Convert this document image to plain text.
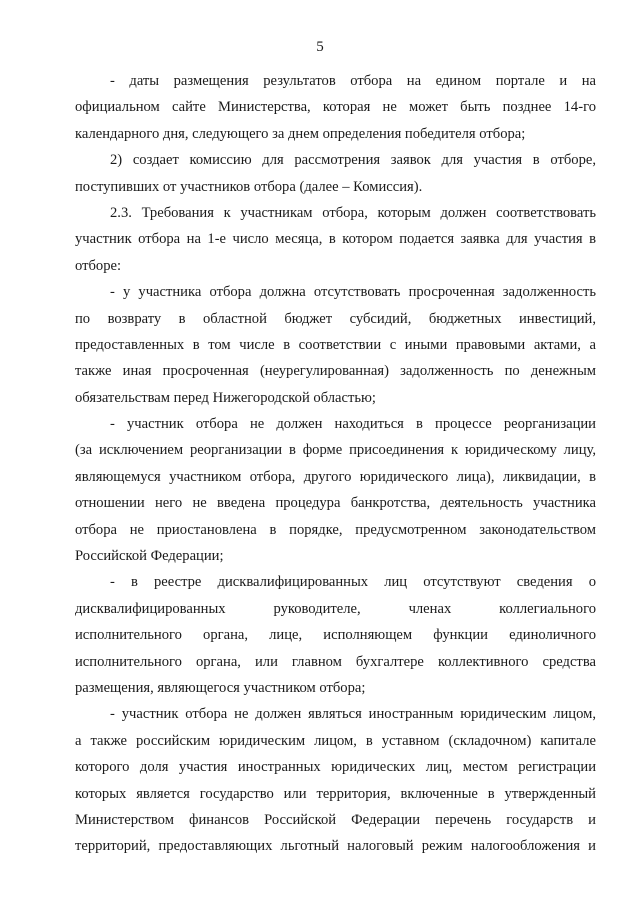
5

- даты размещения результатов отбора на едином портале и на
официальном сайте Министерства, которая не может быть позднее 14-го
календарного дня, следующего за днем определения победителя отбора;

2) создает комиссию для рассмотрения заявок для участия в отборе,
поступивших от участников отбора (далее – Комиссия).

2.3. Требования к участникам отбора, которым должен соответствовать
участник отбора на 1-е число месяца, в котором подается заявка для участия в
отборе:

- у участника отбора должна отсутствовать просроченная задолженность
по возврату в областной бюджет субсидий, бюджетных инвестиций,
предоставленных в том числе в соответствии с иными правовыми актами, а
также иная просроченная (неурегулированная) задолженность по денежным
обязательствам перед Нижегородской областью;

- участник отбора не должен находиться в процессе реорганизации
(за исключением реорганизации в форме присоединения к юридическому лицу,
являющемуся участником отбора, другого юридического лица), ликвидации, в
отношении него не введена процедура банкротства, деятельность участника
отбора не приостановлена в порядке, предусмотренном законодательством
Российской Федерации;

- в реестре дисквалифицированных лиц отсутствуют сведения о
дисквалифицированных руководителе, членах коллегиального
исполнительного органа, лице, исполняющем функции единоличного
исполнительного органа, или главном бухгалтере коллективного средства
размещения, являющегося участником отбора;

- участник отбора не должен являться иностранным юридическим лицом,
а также российским юридическим лицом, в уставном (складочном) капитале
которого доля участия иностранных юридических лиц, местом регистрации
которых является государство или территория, включенные в утвержденный
Министерством финансов Российской Федерации перечень государств и
территорий, предоставляющих льготный налоговый режим налогообложения и
